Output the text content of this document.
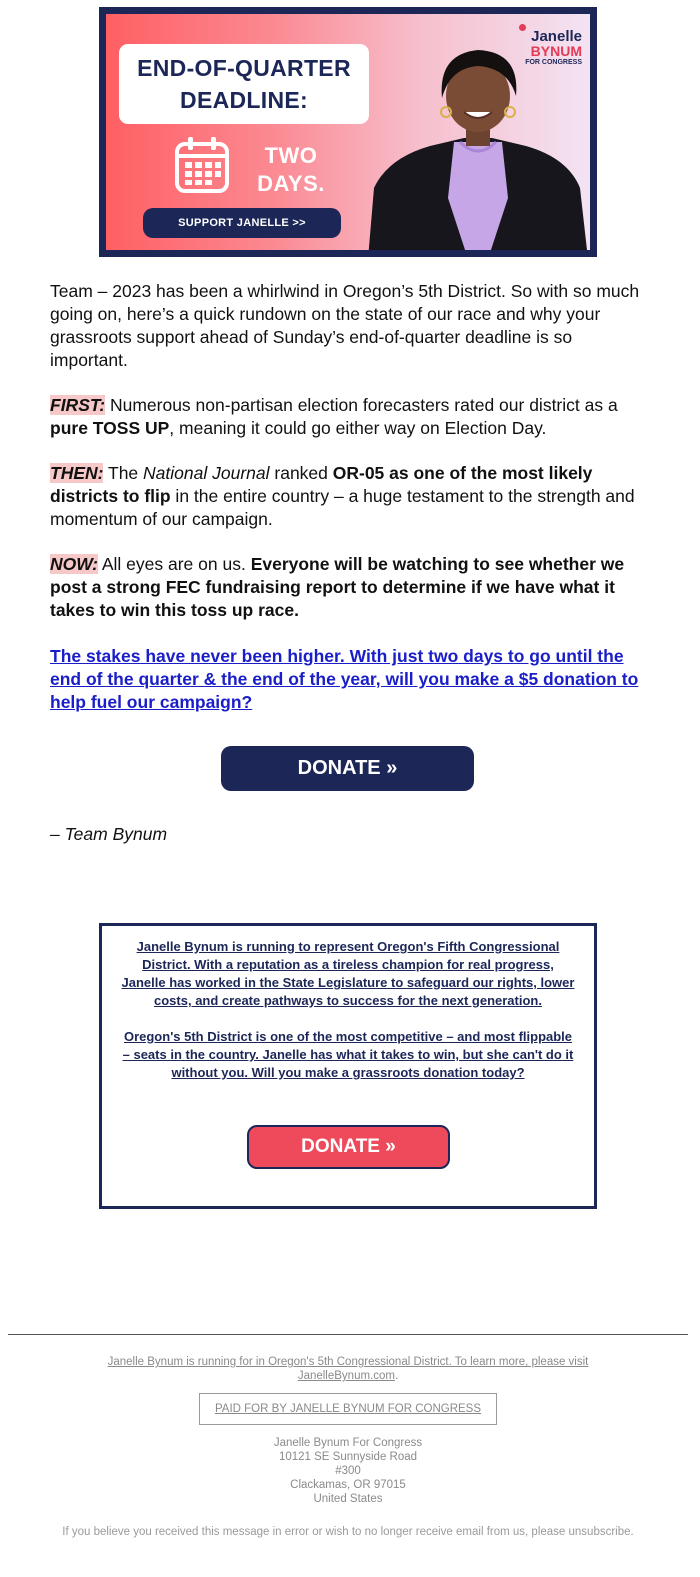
END-OF-QUARTER
DEADLINE:
TWO
DAYS.
SUPPORT JANELLE >>
Janelle
BYNUM
FOR CONGRESS

Team – 2023 has been a whirlwind in Oregon’s 5th District. So with so much going on, here’s a quick rundown on the state of our race and why your grassroots support ahead of Sunday’s end-of-quarter deadline is so important.

FIRST: Numerous non-partisan election forecasters rated our district as a pure TOSS UP, meaning it could go either way on Election Day.

THEN: The National Journal ranked OR-05 as one of the most likely districts to flip in the entire country – a huge testament to the strength and momentum of our campaign.

NOW: All eyes are on us. Everyone will be watching to see whether we post a strong FEC fundraising report to determine if we have what it takes to win this toss up race.

The stakes have never been higher. With just two days to go until the end of the quarter & the end of the year, will you make a $5 donation to help fuel our campaign?

DONATE »

– Team Bynum

Janelle Bynum is running to represent Oregon's Fifth Congressional District. With a reputation as a tireless champion for real progress, Janelle has worked in the State Legislature to safeguard our rights, lower costs, and create pathways to success for the next generation.

Oregon's 5th District is one of the most competitive – and most flippable – seats in the country. Janelle has what it takes to win, but she can't do it without you. Will you make a grassroots donation today?

DONATE »

Janelle Bynum is running for in Oregon's 5th Congressional District. To learn more, please visit JanelleBynum.com.

PAID FOR BY JANELLE BYNUM FOR CONGRESS
Janelle Bynum For Congress
10121 SE Sunnyside Road
#300
Clackamas, OR 97015
United States

If you believe you received this message in error or wish to no longer receive email from us, please unsubscribe.
